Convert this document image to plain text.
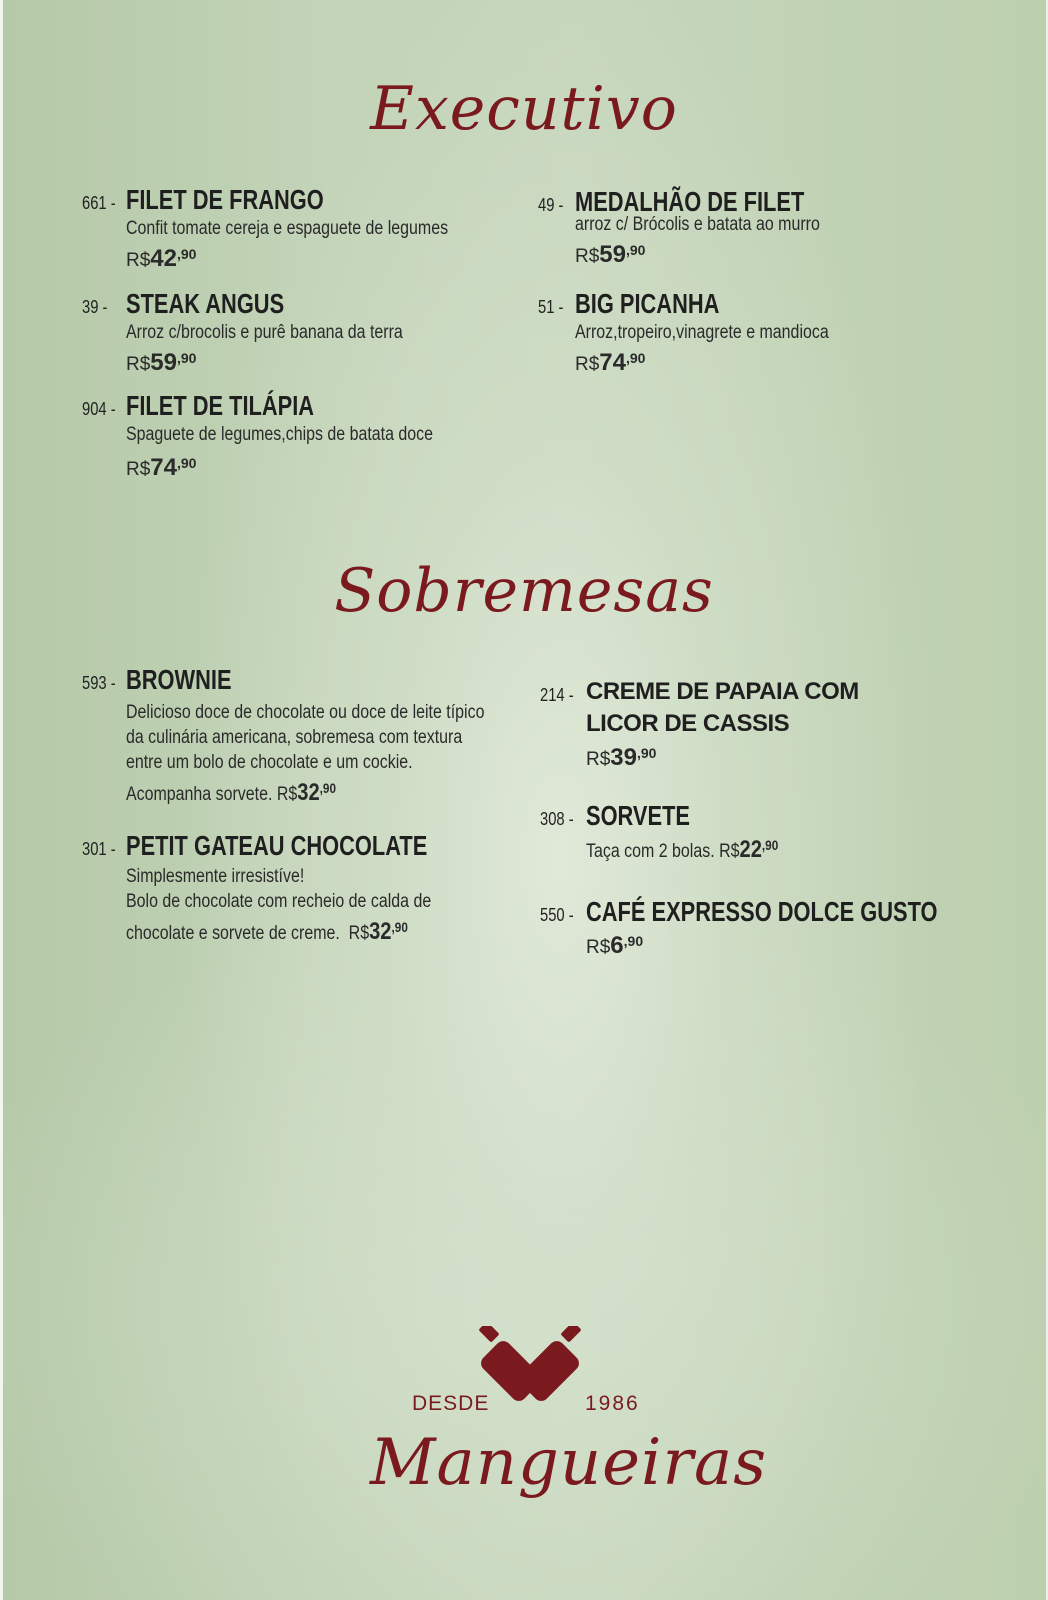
Executivo
661 - FILET DE FRANGO
Confit tomate cereja e espaguete de legumes
$R\$42^{,90}$
39 - STEAK ANGUS
Arroz c/brocolis e purê banana da terra
$R\$59^{,90}$
904 - FILET DE TILÁPIA
Spaguete de legumes,chips de batata doce
$R\$74^{,90}$
49 - MEDALHÃO DE FILET
arroz c/ Brócolis e batata ao murro
$R\$59^{,90}$
51 - BIG PICANHA
Arroz,tropeiro,vinagrete e mandioca
$R\$74^{,90}$
Sobremesas
593 - BROWNIE
Delicioso doce de chocolate ou doce de leite típico
da culinária americana, sobremesa com textura
entre um bolo de chocolate e um cockie.
Acompanha sorvete. $R\$32^{,90}$
301 - PETIT GATEAU CHOCOLATE
Simplesmente irresistíve!
Bolo de chocolate com recheio de calda de
chocolate e sorvete de creme. $R\$32^{,90}$
214 - CREME DE PAPAIA COM LICOR DE CASSIS
$R\$39^{,90}$
308 - SORVETE
Taça com 2 bolas. $R\$22^{,90}$
550 - CAFÉ EXPRESSO DOLCE GUSTO
$R\$6^{,90}$
DESDE	1986
Mangueiras
